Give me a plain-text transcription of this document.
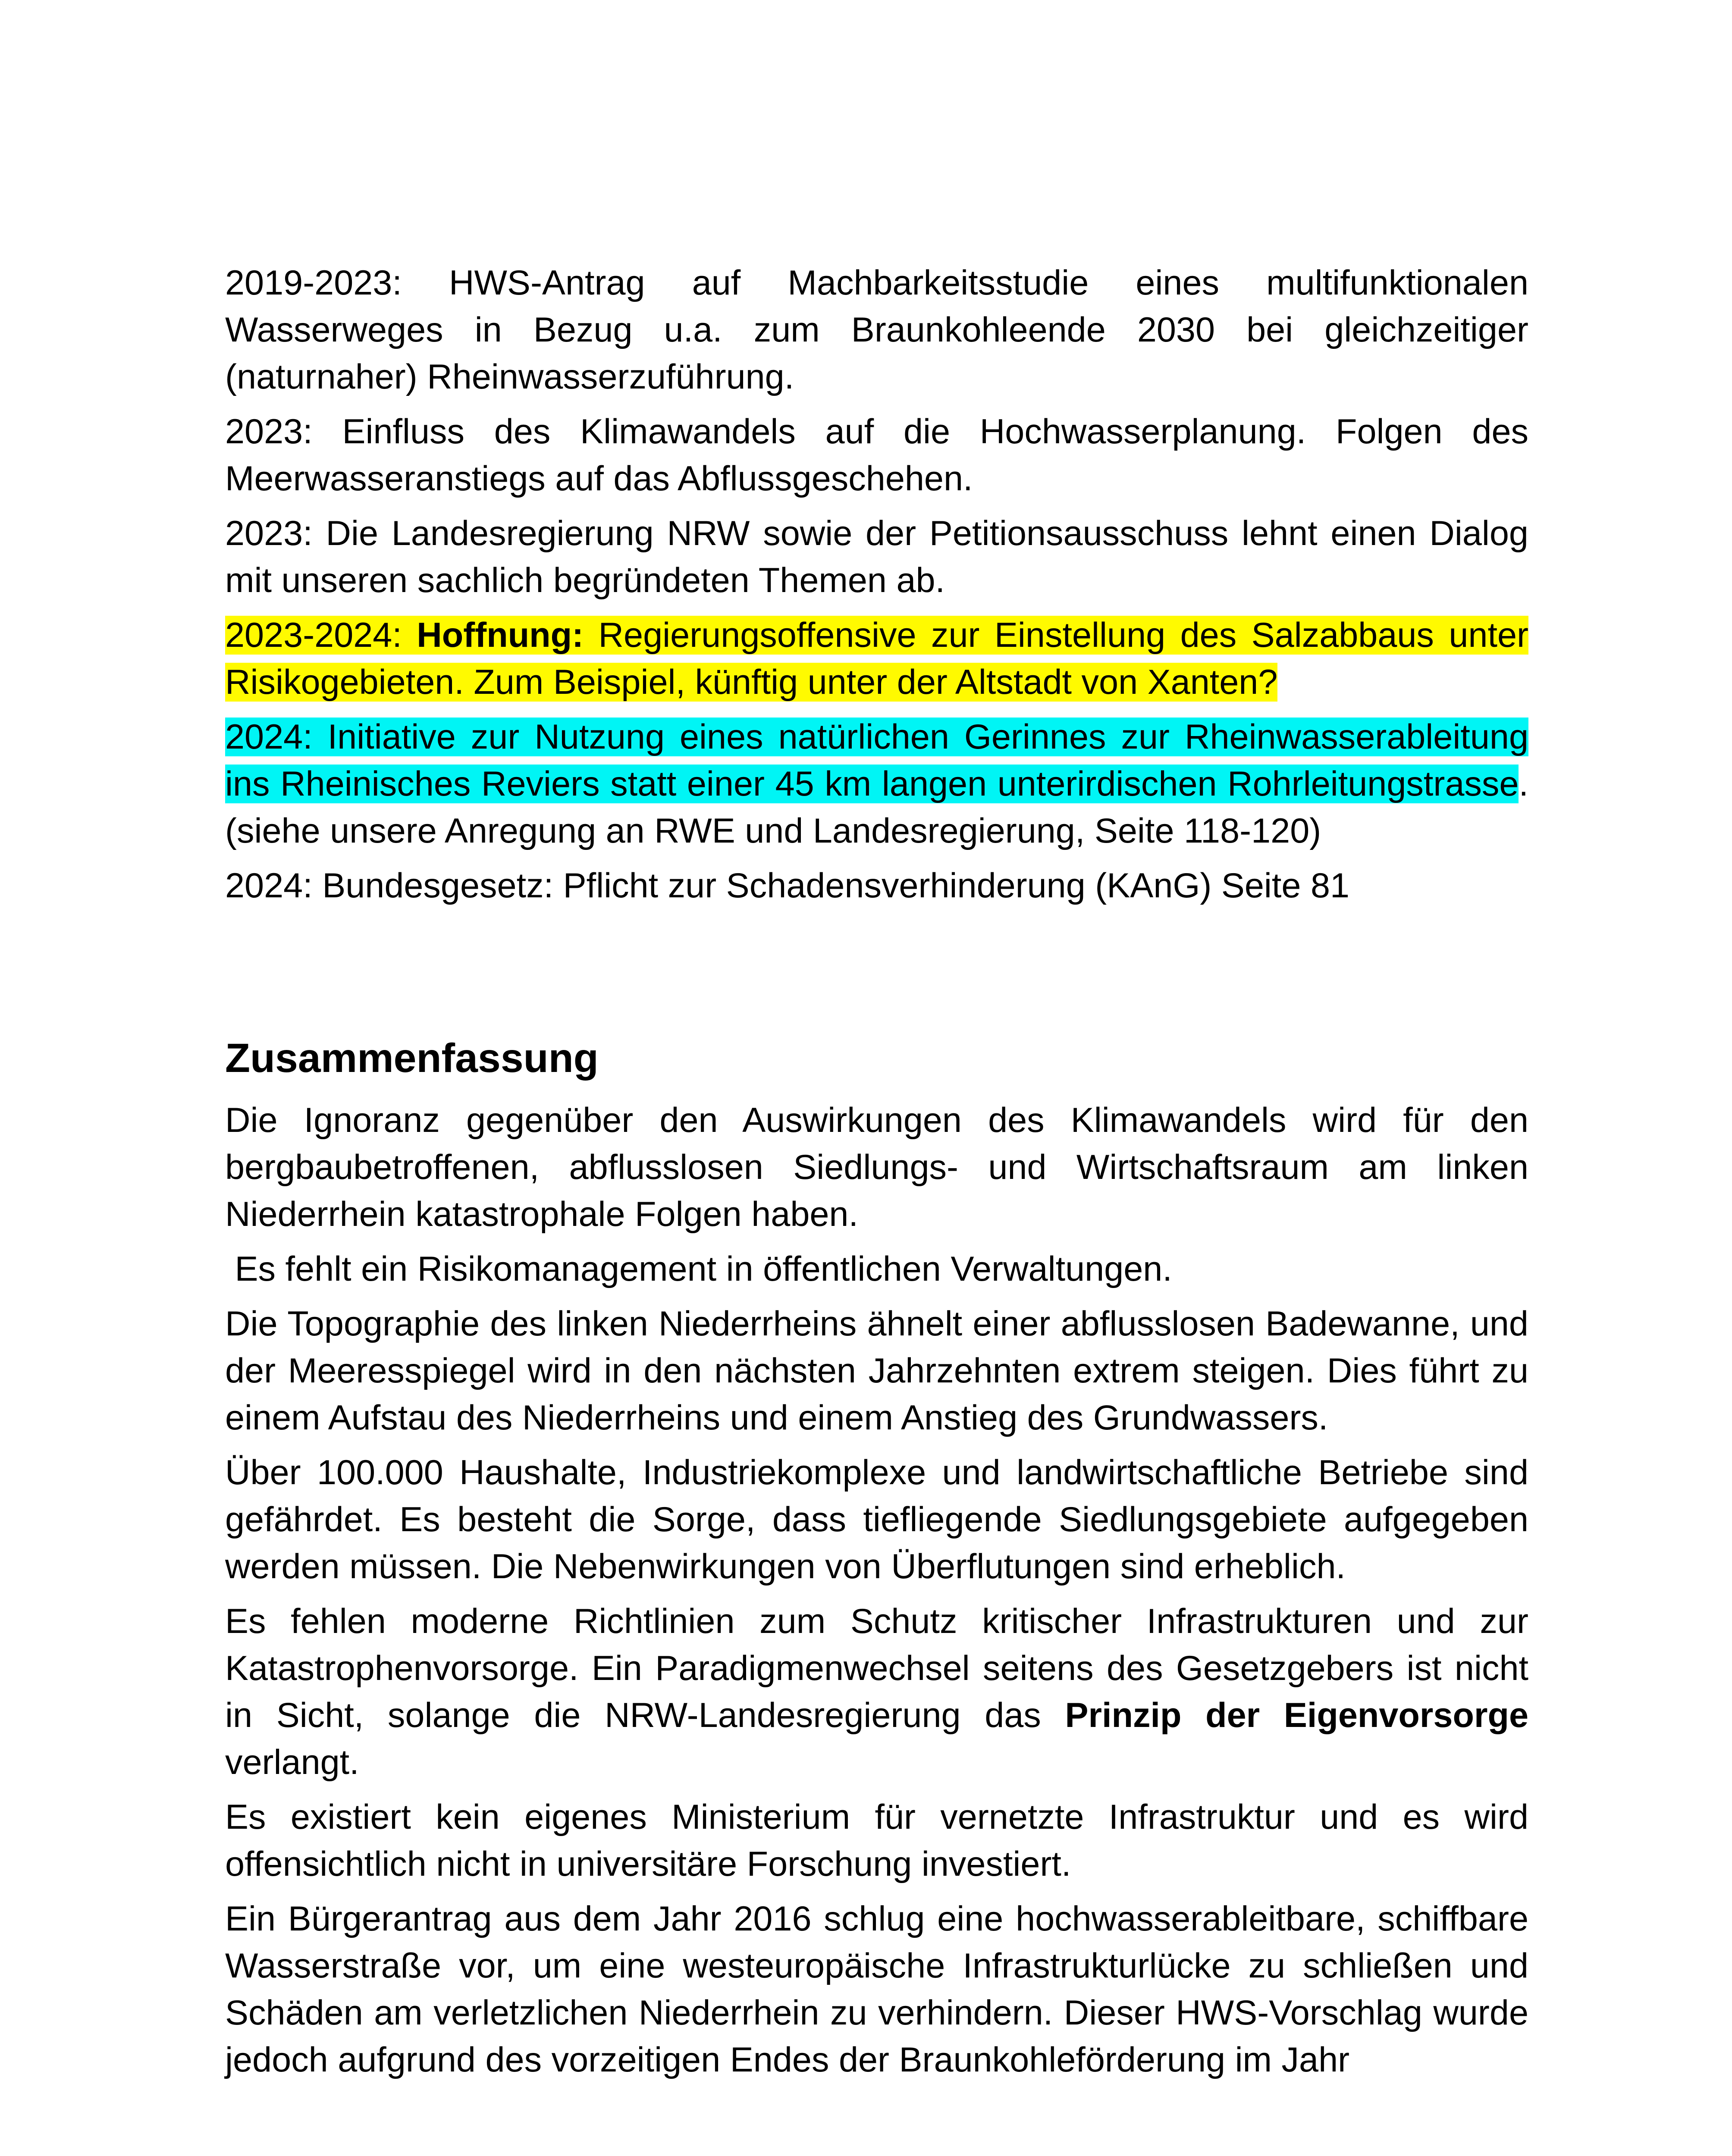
2019-2023: HWS-Antrag auf Machbarkeitsstudie eines multifunktionalen Wasserweges in Bezug u.a. zum Braunkohleende 2030 bei gleichzeitiger (naturnaher) Rheinwasserzuführung.

2023: Einfluss des Klimawandels auf die Hochwasserplanung. Folgen des Meerwasseranstiegs auf das Abflussgeschehen.

2023: Die Landesregierung NRW sowie der Petitionsausschuss lehnt einen Dialog mit unseren sachlich begründeten Themen ab.

2023-2024: Hoffnung: Regierungsoffensive zur Einstellung des Salzabbaus unter Risikogebieten. Zum Beispiel, künftig unter der Altstadt von Xanten?

2024: Initiative zur Nutzung eines natürlichen Gerinnes zur Rheinwasserableitung ins Rheinisches Reviers statt einer 45 km langen unterirdischen Rohrleitungstrasse. (siehe unsere Anregung an RWE und Landesregierung, Seite 118-120)

2024: Bundesgesetz: Pflicht zur Schadensverhinderung (KAnG) Seite 81

Zusammenfassung

Die Ignoranz gegenüber den Auswirkungen des Klimawandels wird für den bergbaubetroffenen, abflusslosen Siedlungs- und Wirtschaftsraum am linken Niederrhein katastrophale Folgen haben.

Es fehlt ein Risikomanagement in öffentlichen Verwaltungen.

Die Topographie des linken Niederrheins ähnelt einer abflusslosen Badewanne, und der Meeresspiegel wird in den nächsten Jahrzehnten extrem steigen. Dies führt zu einem Aufstau des Niederrheins und einem Anstieg des Grundwassers.

Über 100.000 Haushalte, Industriekomplexe und landwirtschaftliche Betriebe sind gefährdet. Es besteht die Sorge, dass tiefliegende Siedlungsgebiete aufgegeben werden müssen. Die Nebenwirkungen von Überflutungen sind erheblich.

Es fehlen moderne Richtlinien zum Schutz kritischer Infrastrukturen und zur Katastrophenvorsorge. Ein Paradigmenwechsel seitens des Gesetzgebers ist nicht in Sicht, solange die NRW-Landesregierung das Prinzip der Eigenvorsorge verlangt.

Es existiert kein eigenes Ministerium für vernetzte Infrastruktur und es wird offensichtlich nicht in universitäre Forschung investiert.

Ein Bürgerantrag aus dem Jahr 2016 schlug eine hochwasserableitbare, schiffbare Wasserstraße vor, um eine westeuropäische Infrastrukturlücke zu schließen und Schäden am verletzlichen Niederrhein zu verhindern. Dieser HWS-Vorschlag wurde jedoch aufgrund des vorzeitigen Endes der Braunkohleförderung im Jahr
